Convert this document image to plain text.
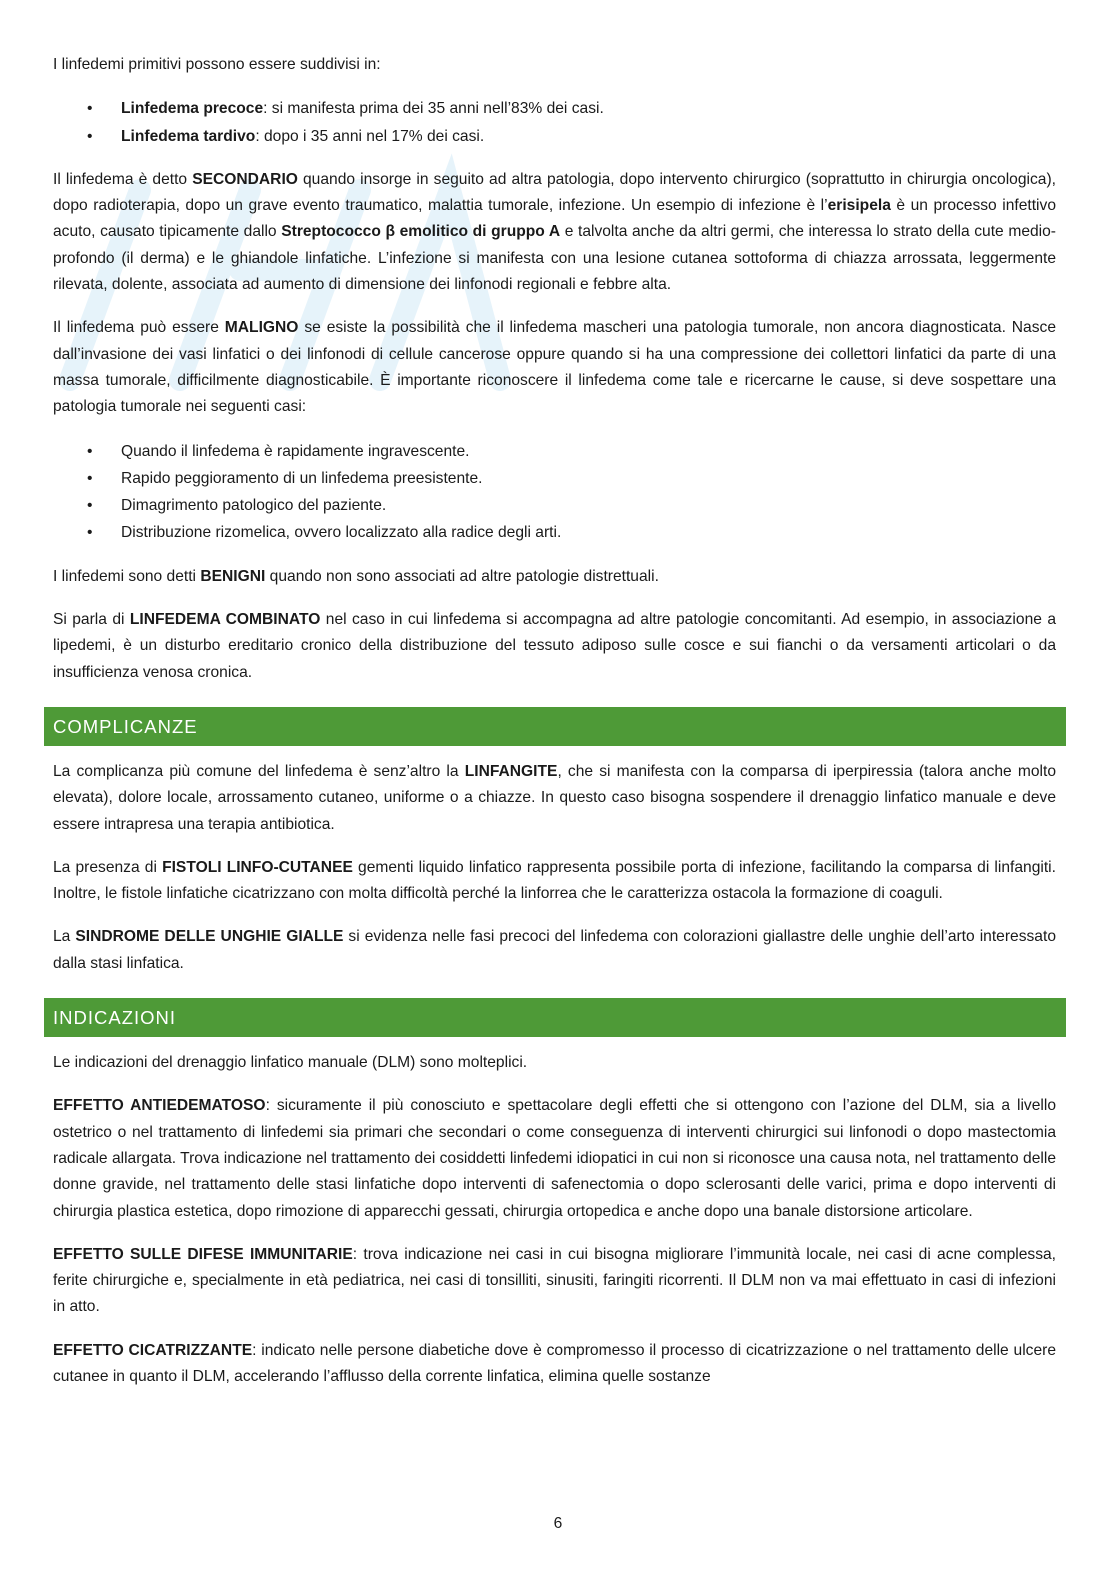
I linfedemi primitivi possono essere suddivisi in:

• Linfedema precoce: si manifesta prima dei 35 anni nell’83% dei casi.
• Linfedema tardivo: dopo i 35 anni nel 17% dei casi.

Il linfedema è detto SECONDARIO quando insorge in seguito ad altra patologia, dopo intervento chirurgico (soprattutto in chirurgia oncologica), dopo radioterapia, dopo un grave evento traumatico, malattia tumorale, infezione. Un esempio di infezione è l’erisipela è un processo infettivo acuto, causato tipicamente dallo Streptococco β emolitico di gruppo A e talvolta anche da altri germi, che interessa lo strato della cute medio-profondo (il derma) e le ghiandole linfatiche. L’infezione si manifesta con una lesione cutanea sottoforma di chiazza arrossata, leggermente rilevata, dolente, associata ad aumento di dimensione dei linfonodi regionali e febbre alta.

Il linfedema può essere MALIGNO se esiste la possibilità che il linfedema mascheri una patologia tumorale, non ancora diagnosticata. Nasce dall’invasione dei vasi linfatici o dei linfonodi di cellule cancerose oppure quando si ha una compressione dei collettori linfatici da parte di una massa tumorale, difficilmente diagnosticabile. È importante riconoscere il linfedema come tale e ricercarne le cause, si deve sospettare una patologia tumorale nei seguenti casi:

• Quando il linfedema è rapidamente ingravescente.
• Rapido peggioramento di un linfedema preesistente.
• Dimagrimento patologico del paziente.
• Distribuzione rizomelica, ovvero localizzato alla radice degli arti.

I linfedemi sono detti BENIGNI quando non sono associati ad altre patologie distrettuali.

Si parla di LINFEDEMA COMBINATO nel caso in cui linfedema si accompagna ad altre patologie concomitanti. Ad esempio, in associazione a lipedemi, è un disturbo ereditario cronico della distribuzione del tessuto adiposo sulle cosce e sui fianchi o da versamenti articolari o da insufficienza venosa cronica.

COMPLICANZE

La complicanza più comune del linfedema è senz’altro la LINFANGITE, che si manifesta con la comparsa di iperpiressia (talora anche molto elevata), dolore locale, arrossamento cutaneo, uniforme o a chiazze. In questo caso bisogna sospendere il drenaggio linfatico manuale e deve essere intrapresa una terapia antibiotica.

La presenza di FISTOLI LINFO-CUTANEE gementi liquido linfatico rappresenta possibile porta di infezione, facilitando la comparsa di linfangiti. Inoltre, le fistole linfatiche cicatrizzano con molta difficoltà perché la linforrea che le caratterizza ostacola la formazione di coaguli.

La SINDROME DELLE UNGHIE GIALLE si evidenza nelle fasi precoci del linfedema con colorazioni giallastre delle unghie dell’arto interessato dalla stasi linfatica.

INDICAZIONI

Le indicazioni del drenaggio linfatico manuale (DLM) sono molteplici.

EFFETTO ANTIEDEMATOSO: sicuramente il più conosciuto e spettacolare degli effetti che si ottengono con l’azione del DLM, sia a livello ostetrico o nel trattamento di linfedemi sia primari che secondari o come conseguenza di interventi chirurgici sui linfonodi o dopo mastectomia radicale allargata. Trova indicazione nel trattamento dei cosiddetti linfedemi idiopatici in cui non si riconosce una causa nota, nel trattamento delle donne gravide, nel trattamento delle stasi linfatiche dopo interventi di safenectomia o dopo sclerosanti delle varici, prima e dopo interventi di chirurgia plastica estetica, dopo rimozione di apparecchi gessati, chirurgia ortopedica e anche dopo una banale distorsione articolare.

EFFETTO SULLE DIFESE IMMUNITARIE: trova indicazione nei casi in cui bisogna migliorare l’immunità locale, nei casi di acne complessa, ferite chirurgiche e, specialmente in età pediatrica, nei casi di tonsilliti, sinusiti, faringiti ricorrenti. Il DLM non va mai effettuato in casi di infezioni in atto.

EFFETTO CICATRIZZANTE: indicato nelle persone diabetiche dove è compromesso il processo di cicatrizzazione o nel trattamento delle ulcere cutanee in quanto il DLM, accelerando l’afflusso della corrente linfatica, elimina quelle sostanze

6
